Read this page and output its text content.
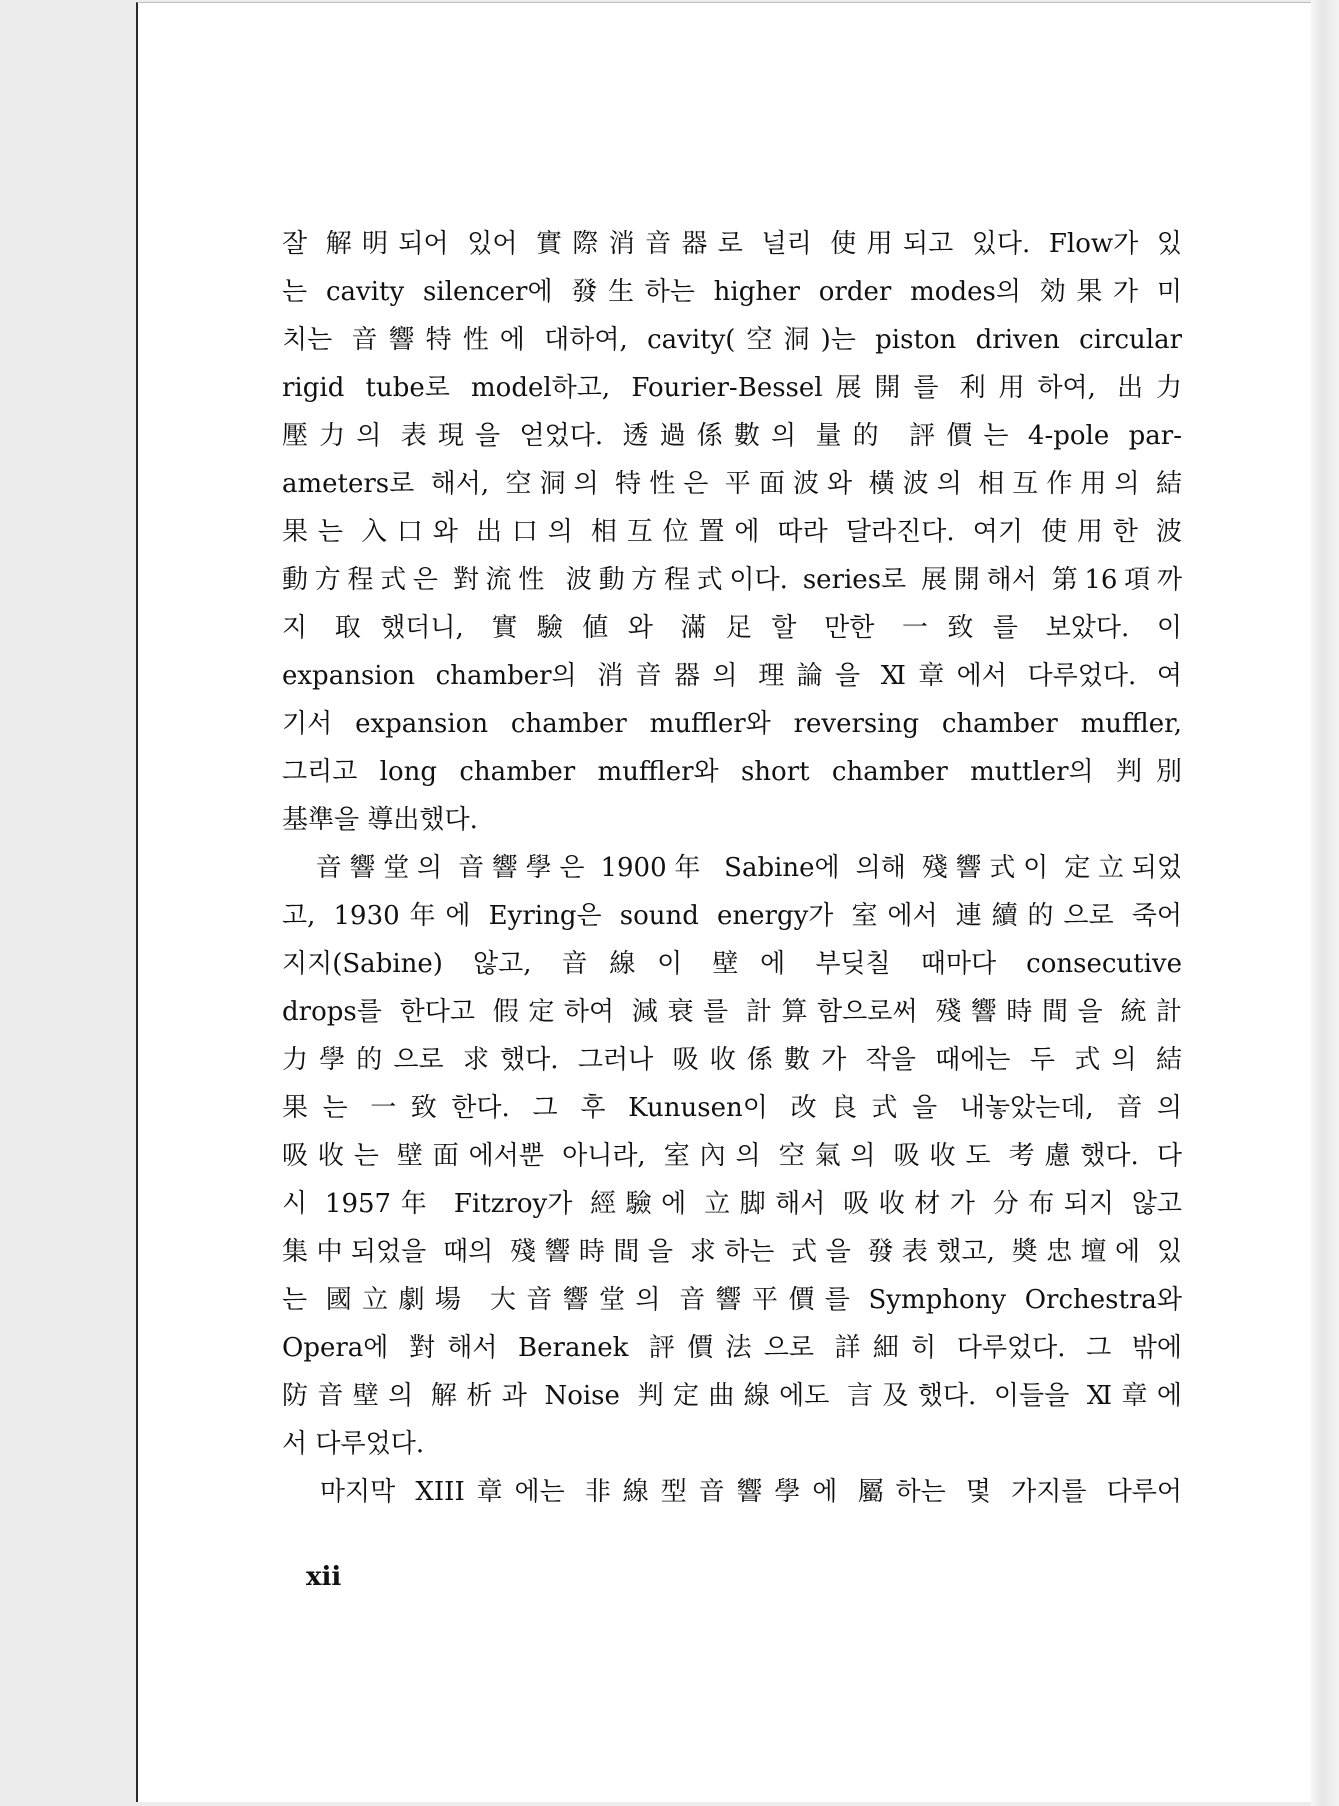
잘 解明되어 있어 實際消音器로 널리 使用되고 있다. Flow가 있
는 cavity silencer에 發生하는 higher order modes의 効果가 미
치는 音響特性에 대하여, cavity(空洞)는 piston driven circular
rigid tube로 model하고, Fourier-Bessel展開를 利用하여, 出力
壓力의 表現을 얻었다. 透過係數의 量的 評價는 4-pole par-
ameters로 해서, 空洞의 特性은 平面波와 橫波의 相互作用의 結
果는 入口와 出口의 相互位置에 따라 달라진다. 여기 使用한 波
動方程式은 對流性 波動方程式이다. series로 展開해서 第16項까
지 取했더니, 實驗値와 滿足할 만한 一致를 보았다. 이
expansion chamber의 消音器의 理論을 Ⅺ章에서 다루었다. 여
기서 expansion chamber muffler와 reversing chamber muffler,
그리고 long chamber muffler와 short chamber muttler의 判別
基準을 導出했다.
　音響堂의 音響學은 1900年 Sabine에 의해 殘響式이 定立되었
고, 1930年에 Eyring은 sound energy가 室에서 連續的으로 죽어
지지(Sabine) 않고, 音線이 壁에 부딪칠 때마다 consecutive
drops를 한다고 假定하여 減衰를 計算함으로써 殘響時間을 統計
力學的으로 求했다. 그러나 吸收係數가 작을 때에는 두 式의 結
果는 一致한다. 그 후 Kunusen이 改良式을 내놓았는데, 音의
吸收는 壁面에서뿐 아니라, 室內의 空氣의 吸收도 考慮했다. 다
시 1957年 Fitzroy가 經驗에 立脚해서 吸收材가 分布되지 않고
集中되었을 때의 殘響時間을 求하는 式을 發表했고, 奬忠壇에 있
는 國立劇場 大音響堂의 音響平價를 Symphony Orchestra와
Opera에 對해서 Beranek 評價法으로 詳細히 다루었다. 그 밖에
防音壁의 解析과 Noise 判定曲線에도 言及했다. 이들을 Ⅺ章에
서 다루었다.
　마지막 XIII章에는 非線型音響學에 屬하는 몇 가지를 다루어
xii
